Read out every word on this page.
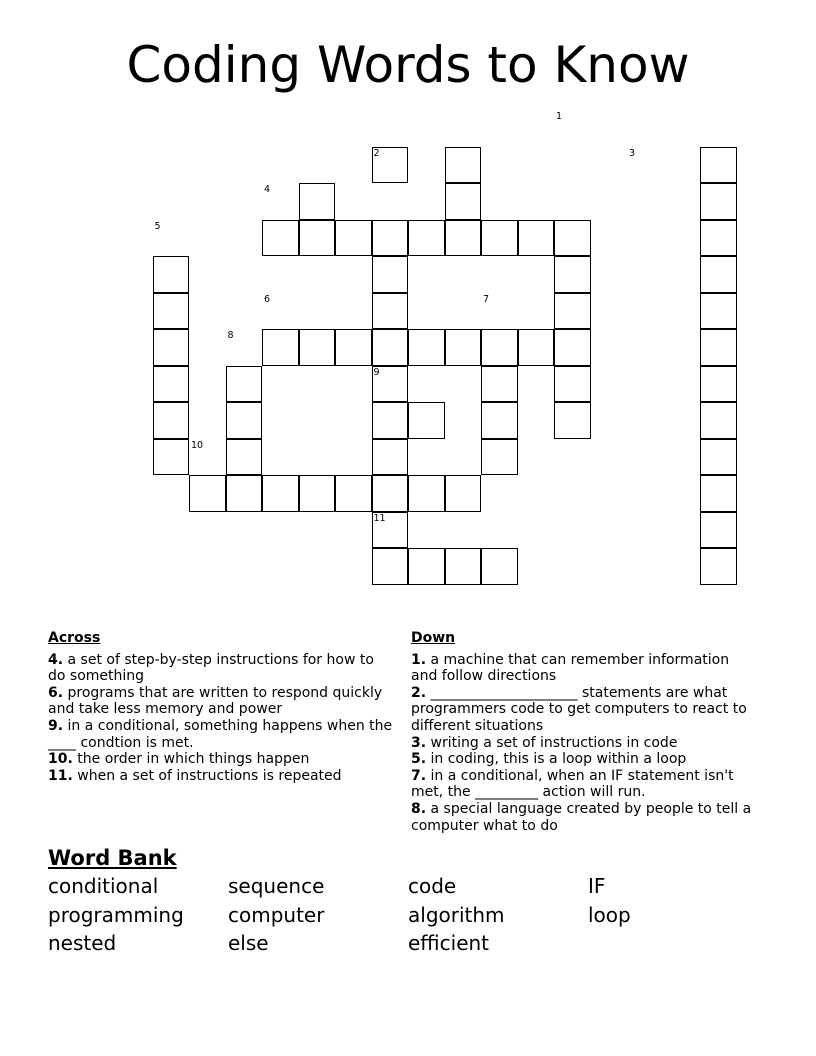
Coding Words to Know
1
2	3
4
5
6	7
8
9
10
11
Across
4. a set of step-by-step instructions for how to do something
6. programs that are written to respond quickly and take less memory and power
9. in a conditional, something happens when the ____ condtion is met.
10. the order in which things happen
11. when a set of instructions is repeated
Down
1. a machine that can remember information and follow directions
2. _____________________ statements are what programmers code to get computers to react to different situations
3. writing a set of instructions in code
5. in coding, this is a loop within a loop
7. in a conditional, when an IF statement isn't met, the _________ action will run.
8. a special language created by people to tell a computer what to do
Word Bank
conditional
programming
nested
sequence
computer
else
code
algorithm
efficient
IF
loop
